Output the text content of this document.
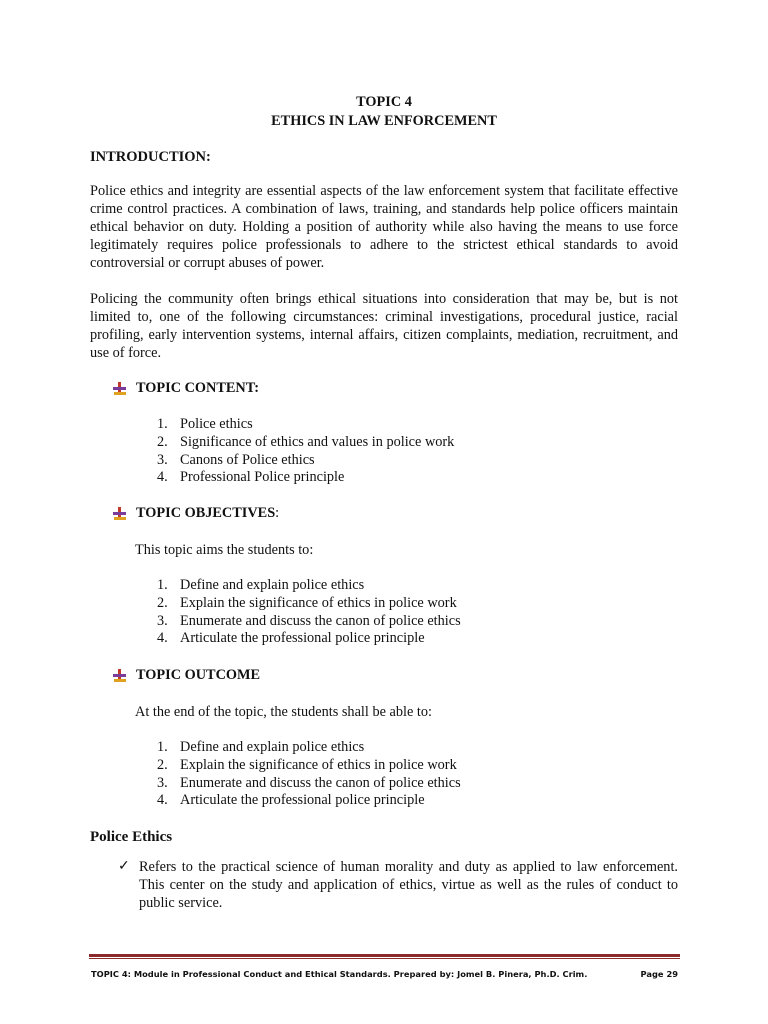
TOPIC 4
ETHICS IN LAW ENFORCEMENT
INTRODUCTION:
Police ethics and integrity are essential aspects of the law enforcement system that facilitate effective crime control practices. A combination of laws, training, and standards help police officers maintain ethical behavior on duty. Holding a position of authority while also having the means to use force legitimately requires police professionals to adhere to the strictest ethical standards to avoid controversial or corrupt abuses of power.
Policing the community often brings ethical situations into consideration that may be, but is not limited to, one of the following circumstances: criminal investigations, procedural justice, racial profiling, early intervention systems, internal affairs, citizen complaints, mediation, recruitment, and use of force.
TOPIC CONTENT:
1. Police ethics
2. Significance of ethics and values in police work
3. Canons of Police ethics
4. Professional Police principle
TOPIC OBJECTIVES :
This topic aims the students to:
1. Define and explain police ethics
2. Explain the significance of ethics in police work
3. Enumerate and discuss the canon of police ethics
4. Articulate the professional police principle
TOPIC OUTCOME
At the end of the topic, the students shall be able to:
1. Define and explain police ethics
2. Explain the significance of ethics in police work
3. Enumerate and discuss the canon of police ethics
4. Articulate the professional police principle
Police Ethics
✓ Refers to the practical science of human morality and duty as applied to law enforcement. This center on the study and application of ethics, virtue as well as the rules of conduct to public service.
TOPIC 4: Module in Professional Conduct and Ethical Standards. Prepared by: Jomel B. Pinera, Ph.D. Crim.	Page 29
